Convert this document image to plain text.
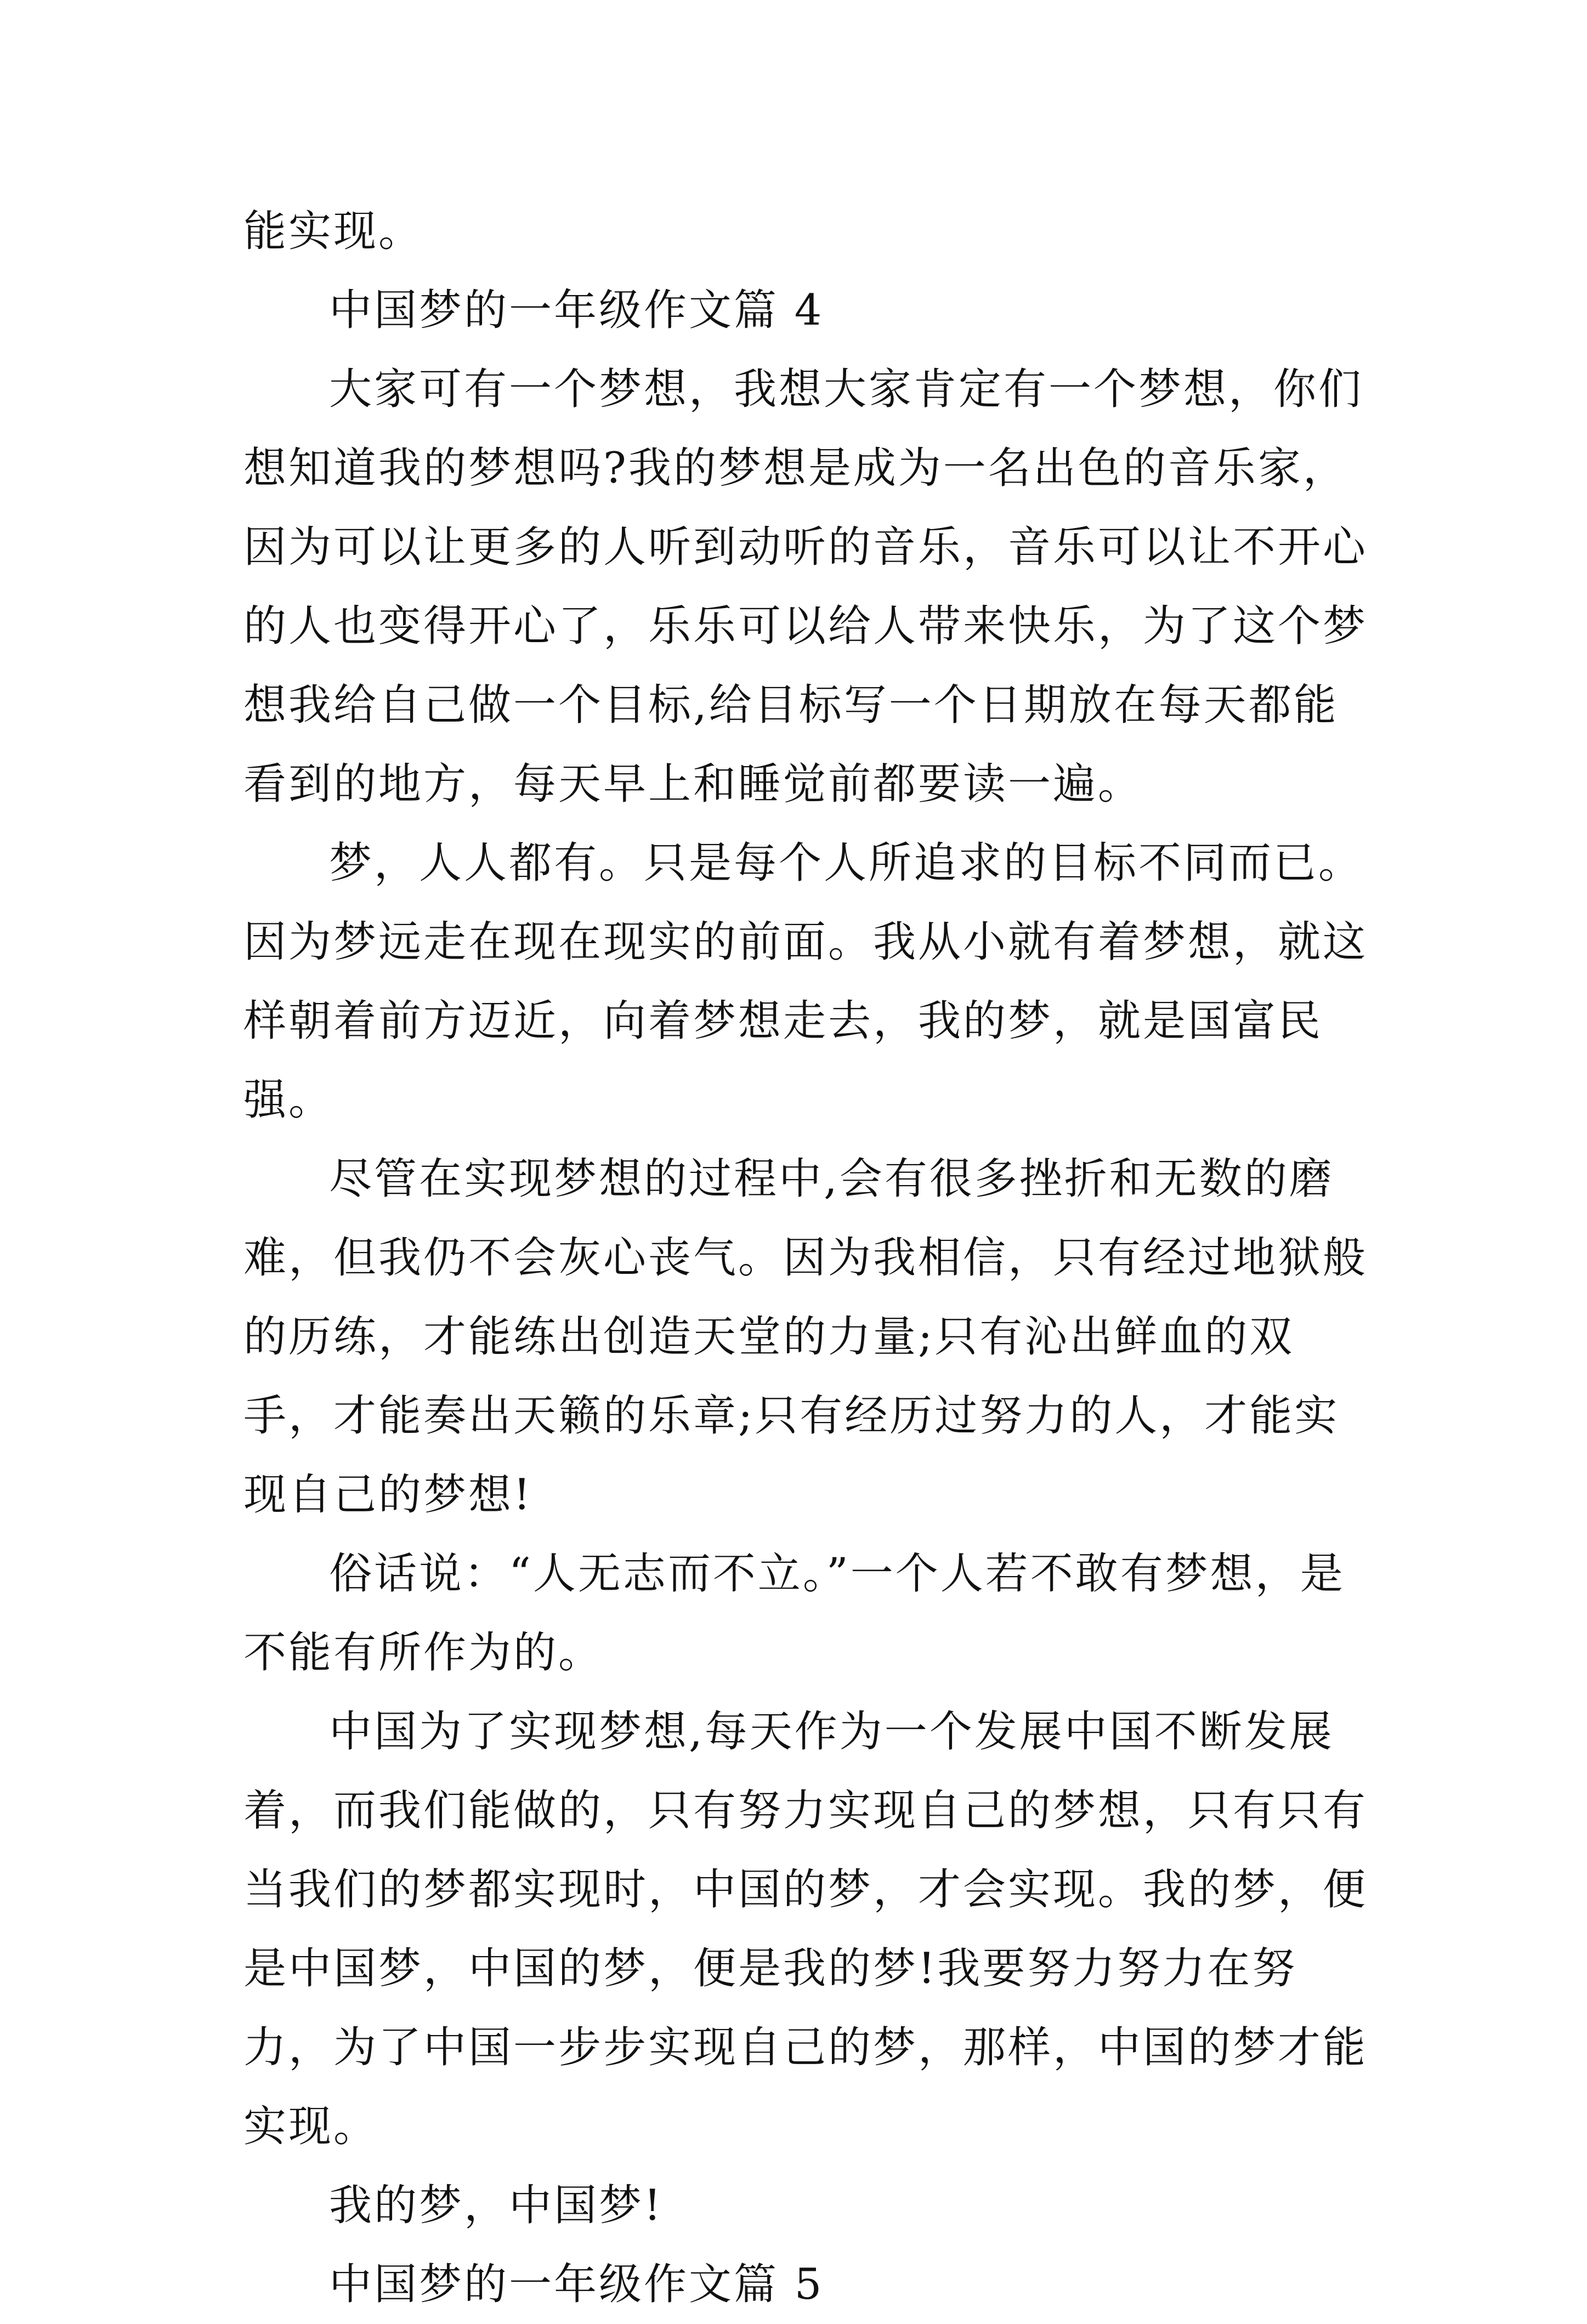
能实现。

中国梦的一年级作文篇 4

大家可有一个梦想，我想大家肯定有一个梦想，你们想知道我的梦想吗?我的梦想是成为一名出色的音乐家，因为可以让更多的人听到动听的音乐，音乐可以让不开心的人也变得开心了，乐乐可以给人带来快乐，为了这个梦想我给自己做一个目标,给目标写一个日期放在每天都能看到的地方，每天早上和睡觉前都要读一遍。

梦，人人都有。只是每个人所追求的目标不同而已。因为梦远走在现在现实的前面。我从小就有着梦想，就这样朝着前方迈近，向着梦想走去，我的梦，就是国富民强。

尽管在实现梦想的过程中,会有很多挫折和无数的磨难，但我仍不会灰心丧气。因为我相信，只有经过地狱般的历练，才能练出创造天堂的力量;只有沁出鲜血的双手，才能奏出天籁的乐章;只有经历过努力的人，才能实现自己的梦想!

俗话说：“人无志而不立。”一个人若不敢有梦想，是不能有所作为的。

中国为了实现梦想,每天作为一个发展中国不断发展着，而我们能做的，只有努力实现自己的梦想，只有只有当我们的梦都实现时，中国的梦，才会实现。我的梦，便是中国梦，中国的梦，便是我的梦!我要努力努力在努力，为了中国一步步实现自己的梦，那样，中国的梦才能实现。

我的梦，中国梦!

中国梦的一年级作文篇 5
